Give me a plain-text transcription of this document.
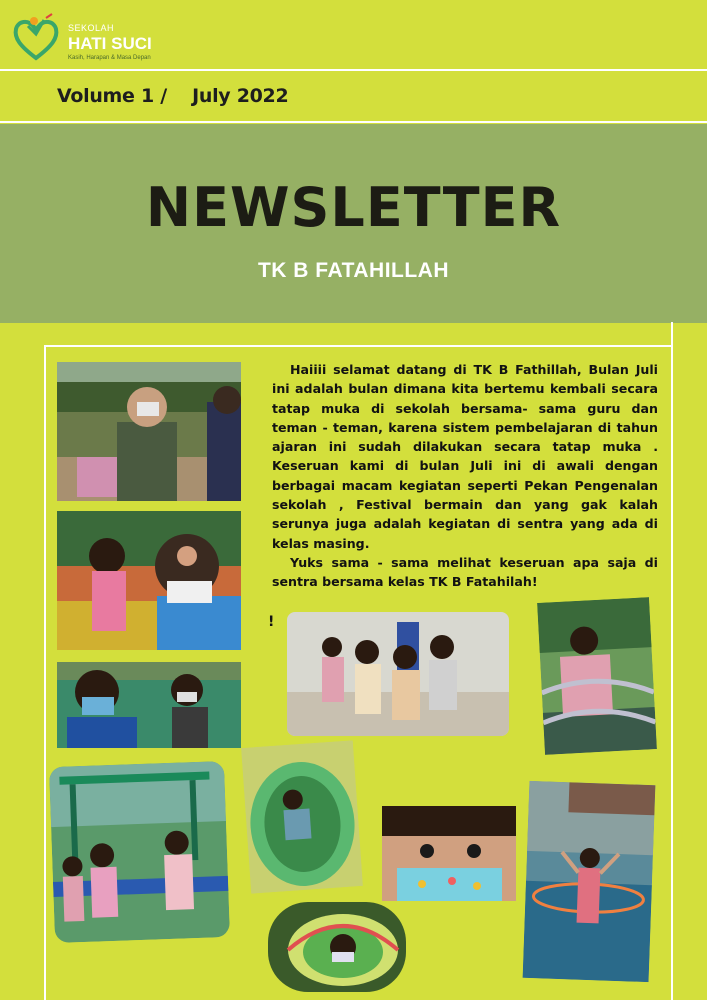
SEKOLAH
HATI SUCI
Kasih, Harapan & Masa Depan
Volume 1 /    July 2022
NEWSLETTER
TK B FATAHILLAH

Haiiii selamat datang di TK B Fathillah, Bulan Juli ini adalah bulan dimana kita bertemu kembali secara tatap muka di sekolah bersama- sama guru dan teman - teman, karena sistem pembelajaran di tahun ajaran ini sudah dilakukan secara tatap muka . Keseruan kami di bulan Juli ini di awali dengan berbagai macam kegiatan seperti Pekan Pengenalan sekolah , Festival bermain dan yang gak kalah serunya juga adalah kegiatan di sentra yang ada di kelas masing.

Yuks sama - sama melihat keseruan apa saja di sentra bersama kelas TK B Fatahilah!

!
